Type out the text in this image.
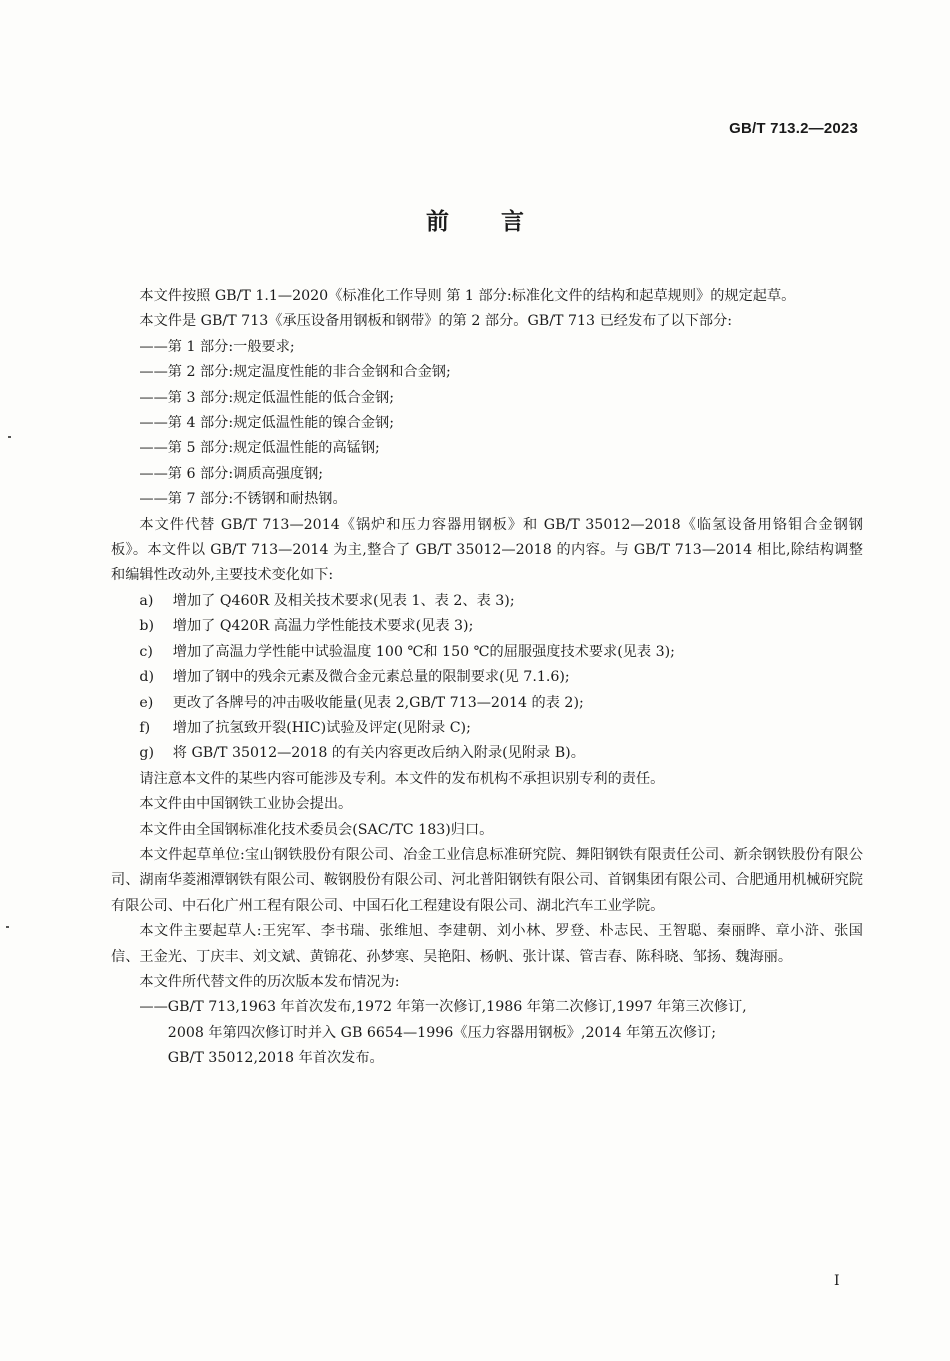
GB/T 713.2—2023
前言

本文件按照 GB/T 1.1—2020《标准化工作导则 第 1 部分:标准化文件的结构和起草规则》的规定起草。

本文件是 GB/T 713《承压设备用钢板和钢带》的第 2 部分。GB/T 713 已经发布了以下部分:

——第 1 部分:一般要求;

——第 2 部分:规定温度性能的非合金钢和合金钢;

——第 3 部分:规定低温性能的低合金钢;

——第 4 部分:规定低温性能的镍合金钢;

——第 5 部分:规定低温性能的高锰钢;

——第 6 部分:调质高强度钢;

——第 7 部分:不锈钢和耐热钢。

本文件代替 GB/T 713—2014《锅炉和压力容器用钢板》和 GB/T 35012—2018《临氢设备用铬钼合金钢钢板》。本文件以 GB/T 713—2014 为主,整合了 GB/T 35012—2018 的内容。与 GB/T 713—2014 相比,除结构调整和编辑性改动外,主要技术变化如下:

a) 增加了 Q460R 及相关技术要求(见表 1、表 2、表 3);

b) 增加了 Q420R 高温力学性能技术要求(见表 3);

c) 增加了高温力学性能中试验温度 100 ℃和 150 ℃的屈服强度技术要求(见表 3);

d) 增加了钢中的残余元素及微合金元素总量的限制要求(见 7.1.6);

e) 更改了各牌号的冲击吸收能量(见表 2,GB/T 713—2014 的表 2);

f) 增加了抗氢致开裂(HIC)试验及评定(见附录 C);

g) 将 GB/T 35012—2018 的有关内容更改后纳入附录(见附录 B)。

请注意本文件的某些内容可能涉及专利。本文件的发布机构不承担识别专利的责任。

本文件由中国钢铁工业协会提出。

本文件由全国钢标准化技术委员会(SAC/TC 183)归口。

本文件起草单位:宝山钢铁股份有限公司、冶金工业信息标准研究院、舞阳钢铁有限责任公司、新余钢铁股份有限公司、湖南华菱湘潭钢铁有限公司、鞍钢股份有限公司、河北普阳钢铁有限公司、首钢集团有限公司、合肥通用机械研究院有限公司、中石化广州工程有限公司、中国石化工程建设有限公司、湖北汽车工业学院。

本文件主要起草人:王宪军、李书瑞、张维旭、李建朝、刘小林、罗登、朴志民、王智聪、秦丽晔、章小浒、张国信、王金光、丁庆丰、刘文斌、黄锦花、孙梦寒、吴艳阳、杨帆、张计谋、管吉春、陈科晓、邹扬、魏海丽。

本文件所代替文件的历次版本发布情况为:

——GB/T 713,1963 年首次发布,1972 年第一次修订,1986 年第二次修订,1997 年第三次修订,

2008 年第四次修订时并入 GB 6654—1996《压力容器用钢板》,2014 年第五次修订;

GB/T 35012,2018 年首次发布。

I
